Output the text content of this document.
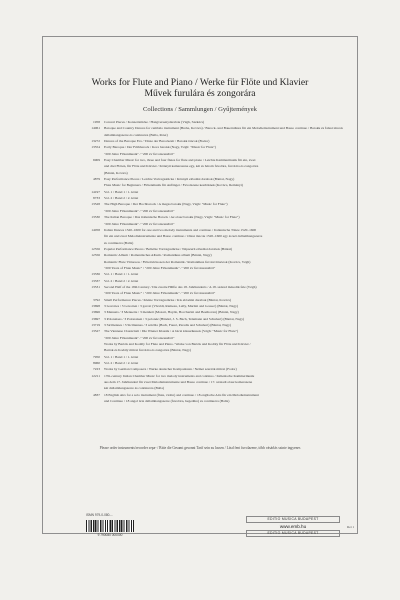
Works for Flute and Piano / Werke für Flöte und Klavier
Művek furulára és zongorára
Collections / Sammlungen / Gyűjtemények
1958 Concert Pieces / Konzertstücke / Hangversenydarabok (Végh, Székács)
14061 Baroque and Country Dances for cembalo instrument (Brebe, Kovács) / Barock- und Bauerntänze für ein Melodieinstrument und Basso continuo / Barokk és falusi táncok
dallamhangszerre és continuóra (Balla, Peter)
13272 Dances of the Baroque Era / Tänze der Barockzeit / Barokk táncok (Bodor)
13554 Early Baroque / Der Frühbarock / Kora barokk (Nagy, Végh: "Music for Flute")
"200 Jahre Flötenmusik" / "200 év fuvolazenéből"
6909 Easy Chamber Music for two, three and four flutes for flute and piano / Leichte Kammermusik für ein, zwei
und drei Flöten, für Flöte und Klavier / Könnyű kamarazene egy, két és három fuvolára, fuvolára és zongorára
(Bántai, Kovács)
4879 Easy Performance Pieces / Leichte Vortragsstücke / Könnyű előadási darabok (Bántai, Nagy)
Flute Music for Beginners / Flötenmusik für Anfänger / Fuvolazene kezdőknek (Kovács, Reményi)
14197 Vol. 1 / Band 1 / 1. kötet
8733 Vol. 2 / Band 2 / 2. kötet
13528 The High Baroque / Der Hochbarock / A magas barokk (Nagy, Végh: "Music for Flute")
"200 Jahre Flötenmusik" / "200 év fuvolazenéből"
13530 The Italian Baroque / Das italienische Barock / Az olasz barokk (Nagy, Végh: "Music for Flute")
"200 Jahre Flötenmusik" / "200 év fuvolazenéből"
14058 Italian Dances 1520–1600 for one and two melody instruments and continuo / Italienische Tänze 1520–1600
für ein und zwei Melodieinstrumente und Basso continuo / Olasz táncok 1520–1600 egy és két dallamhangszerre
és continuóra (Balla)
12556 Popular Performance Pieces / Beliebte Vortragsstücke / Népszerű előadási darabok (Bántai)
12556 Romantic Album / Romantisches Album / Romantikus album (Bántai, Nagy)
Romantic Flute Virtuosos / Flötenvirtuosen der Romantik / Romantikus fuvolavirtuózok (Kovács, Végh)
"200 Years of Flute Music" / "200 Jahre Flötenmusik" / "200 év fuvolazenéből"
13336 Vol. 1 / Band 1 / 1. kötet
13337 Vol. 2 / Band 2 / 2. kötet
13531 Second Half of the 18th Century / Die zweite Hälfte des 18. Jahrhunderts / A 18. század második fele (Végh)
"200 Years of Flute Music" / "200 Jahre Flötenmusik" / "200 év fuvolazenéből"
3792 Small Performance Pieces / Kleine Vortragsstücke / Kis előadási darabok (Bántai, Kovács)
13698 3 Gavottes / 3 Gavotten / 3 gavott (Vivaldi, Rameau, Lully, Martini and Gossec) (Bántai, Nagy)
13696 3 Menuets / 3 Menuette / 3 menüett (Mozart, Haydn, Boccherini and Beethoven) (Bántai, Nagy)
13697 3 Polonaises / 3 Polonaisen / 3 polonéz (Händel, J. S. Bach, Telemann and Schubert) (Bántai, Nagy)
13719 3 Siciliennes / 3 Siciliennes / 3 szicília (Bach, Fauré, Paradis and Schubert) (Bántai, Nagy)
13527 The Viennese Classicism / Die Wiener Klassik / A bécsi klasszikusok (Végh: "Music for Flute")
"200 Jahre Flötenmusik" / "200 év fuvolazenéből"
Works by Bartók and Kodály for Flute and Piano / Werke von Bartók und Kodály für Flöte und Klavier /
Bartók és Kodály művei fuvolára és zongorára (Bántai, Nagy)
7950 Vol. 1 / Band 1 / 1. kötet
8960 Vol. 2 / Band 2 / 2. kötet
7223 Works by German Composers / Werke deutscher Komponisten / Német szerzők művei (Fodor)
12211 17th-century Italian Chamber Music for two melody instruments and continuo / Italienische Kammermusik
aus dem 17. Jahrhundert für zwei Melodieinstrumente und Basso continuo / 17. századi olasz kamarazene
két dallamhangszerre és continuóra (Balla)
4837 18 English Airs for a solo instrument (flute, violin) and continuo / 18 englische Airs für ein Melodieinstrument
und Continuo / 18 angol ária dallamhangszerre (fuvolára, hegedűre) és continuóra (Balla)
Please order instruments/recorder sepa- / Bitte die Gesamt gesonnt Tarif sein zu lassen / Lásd fent fuvolazene, több vásárlás szinte ingyenes
Ret 1
ISMN 979-0-080-...
9 790080 000000
EDITIO MUSICA BUDAPEST
www.emb.hu
EDITIO MUSICA BUDAPEST
